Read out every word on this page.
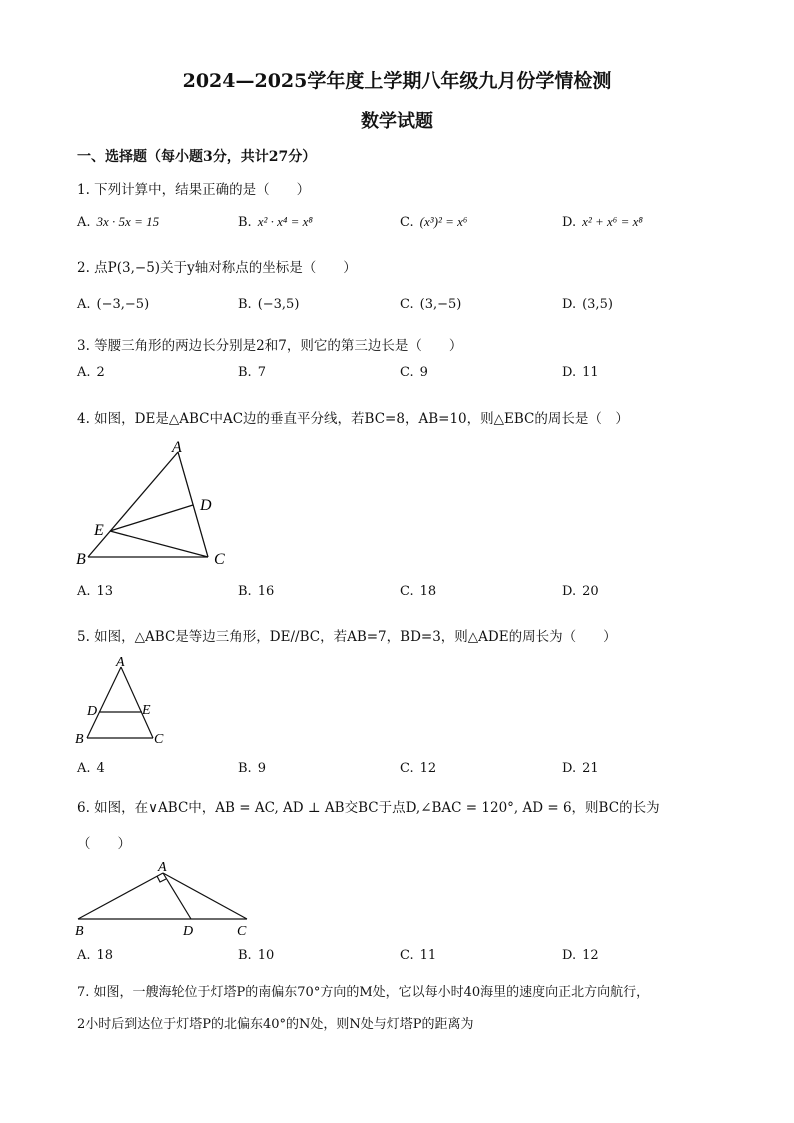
2024—2025学年度上学期八年级九月份学情检测
数学试题
一、选择题（每小题3分，共计27分）
1. 下列计算中，结果正确的是（　　）
A. 3x · 5x = 15	B. x² · x⁴ = x⁸	C. (x³)² = x⁶	D. x² + x⁶ = x⁸
2. 点P(3,−5)关于y轴对称点的坐标是（　　）
A. (−3,−5)	B. (−3,5)	C. (3,−5)	D. (3,5)
3. 等腰三角形的两边长分别是2和7，则它的第三边长是（　　）
A. 2	B. 7	C. 9	D. 11
4. 如图，DE是△ABC中AC边的垂直平分线，若BC=8，AB=10，则△EBC的周长是（　）
A
D
E
B	C
A. 13	B. 16	C. 18	D. 20
5. 如图，△ABC是等边三角形，DE//BC，若AB=7，BD=3，则△ADE的周长为（　　）
A
D	E
B	C
A. 4	B. 9	C. 12	D. 21
6. 如图，在∨ABC中，AB = AC, AD ⊥ AB交BC于点D,∠BAC = 120°, AD = 6，则BC的长为
（　　）
A
B	D	C
A. 18	B. 10	C. 11	D. 12
7. 如图，一艘海轮位于灯塔P的南偏东70°方向的M处，它以每小时40海里的速度向正北方向航行，
2小时后到达位于灯塔P的北偏东40°的N处，则N处与灯塔P的距离为
